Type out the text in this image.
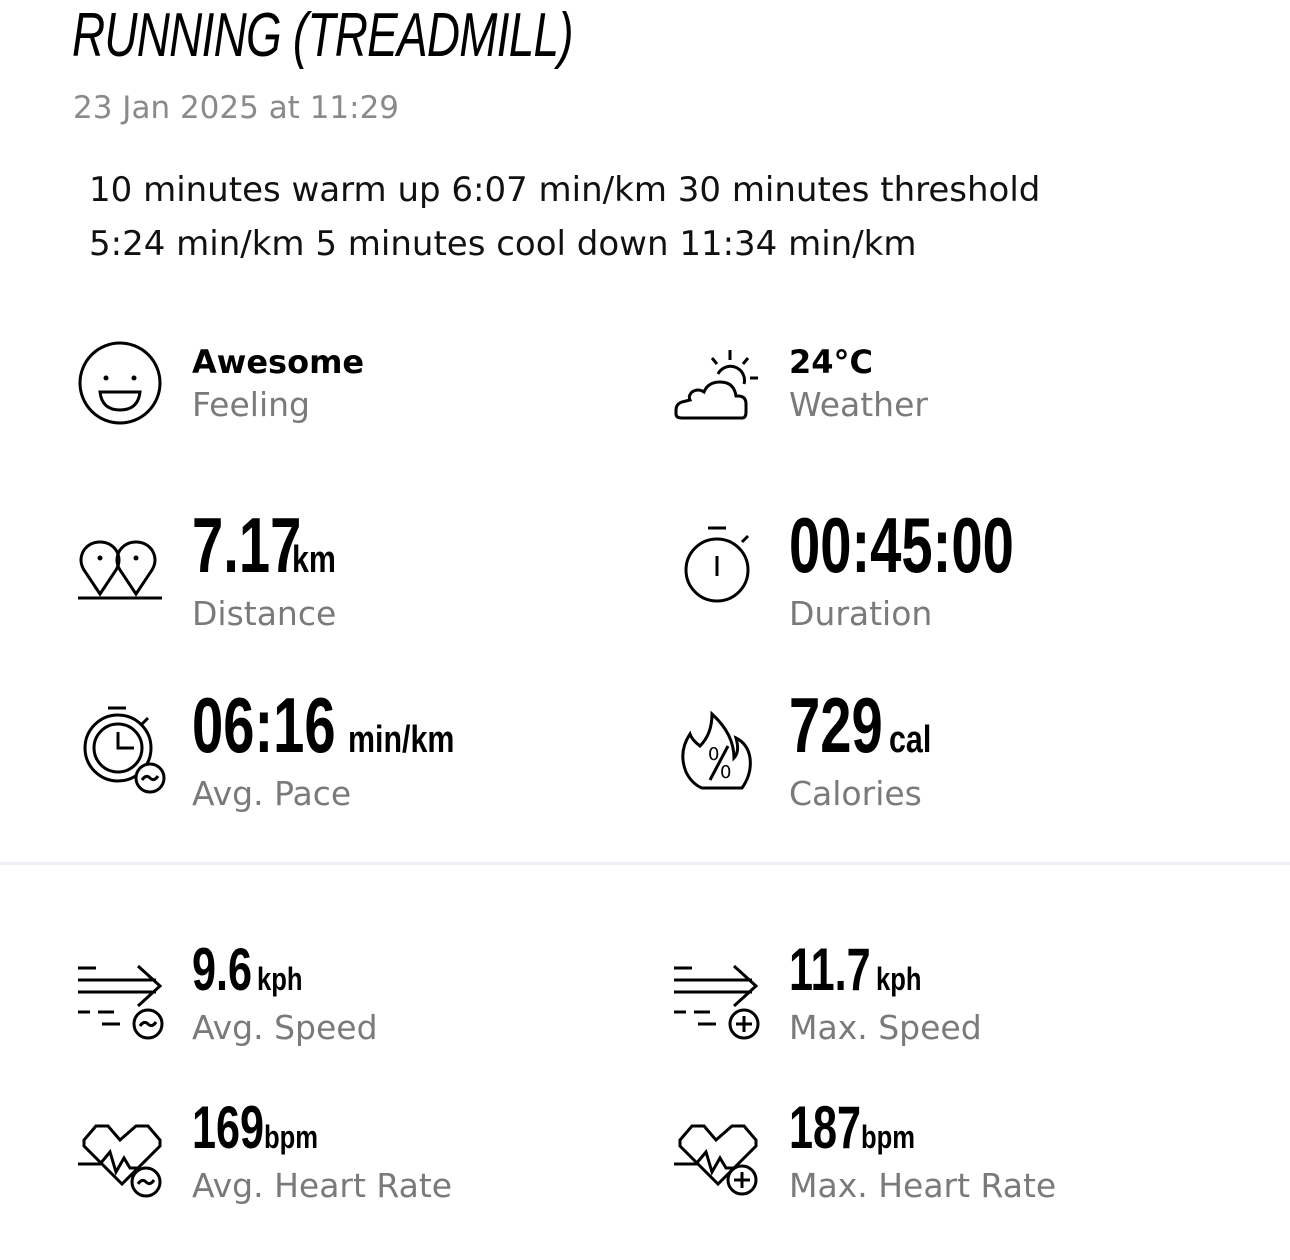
RUNNING (TREADMILL)
23 Jan 2025 at 11:29
10 minutes warm up 6:07 min/km 30 minutes threshold
5:24 min/km 5 minutes cool down 11:34 min/km
Awesome
Feeling
24°C
Weather
7.17km
Distance
00:45:00
Duration
06:16 min/km
Avg. Pace
0
0
729 cal
Calories
9.6 kph
Avg. Speed
11.7 kph
Max. Speed
169bpm
Avg. Heart Rate
187bpm
Max. Heart Rate
